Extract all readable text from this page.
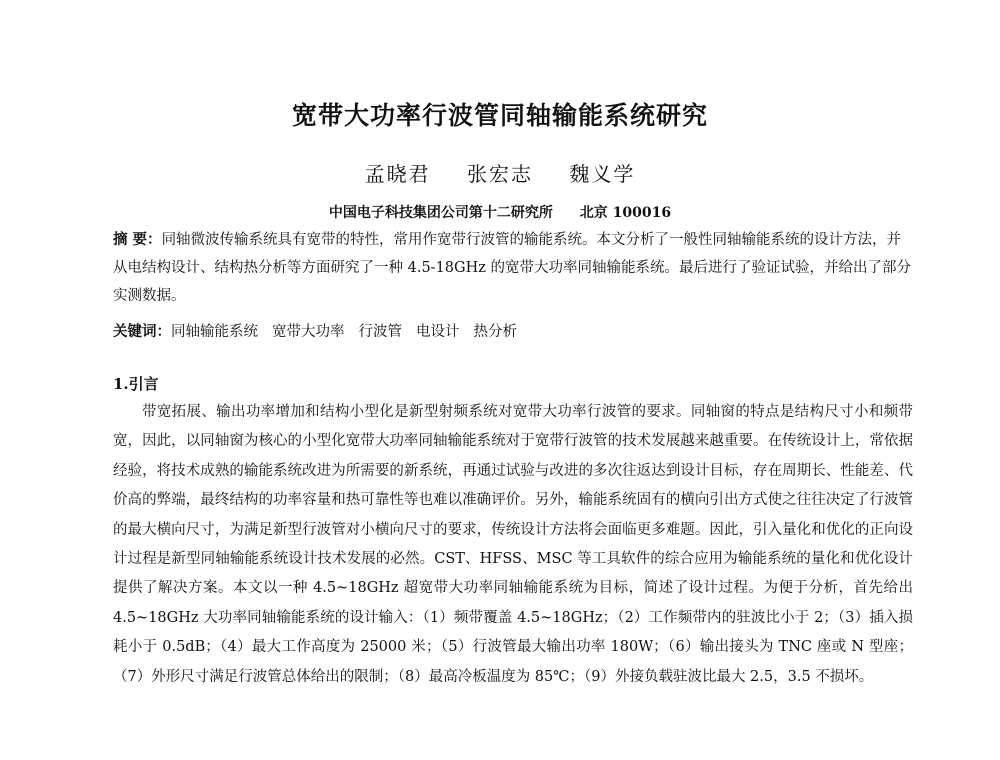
宽带大功率行波管同轴输能系统研究
孟晓君 张宏志 魏义学
中国电子科技集团公司第十二研究所 北京 100016
摘 要：同轴微波传输系统具有宽带的特性，常用作宽带行波管的输能系统。本文分析了一般性同轴输能系统的设计方法，并从电结构设计、结构热分析等方面研究了一种 4.5-18GHz 的宽带大功率同轴输能系统。最后进行了验证试验，并给出了部分实测数据。
关键词：同轴输能系统 宽带大功率 行波管 电设计 热分析
1.引言
带宽拓展、输出功率增加和结构小型化是新型射频系统对宽带大功率行波管的要求。同轴窗的特点是结构尺寸小和频带宽，因此，以同轴窗为核心的小型化宽带大功率同轴输能系统对于宽带行波管的技术发展越来越重要。在传统设计上，常依据经验，将技术成熟的输能系统改进为所需要的新系统，再通过试验与改进的多次往返达到设计目标，存在周期长、性能差、代价高的弊端，最终结构的功率容量和热可靠性等也难以准确评价。另外，输能系统固有的横向引出方式使之往往决定了行波管的最大横向尺寸，为满足新型行波管对小横向尺寸的要求，传统设计方法将会面临更多难题。因此，引入量化和优化的正向设计过程是新型同轴输能系统设计技术发展的必然。CST、HFSS、MSC 等工具软件的综合应用为输能系统的量化和优化设计提供了解决方案。本文以一种 4.5~18GHz 超宽带大功率同轴输能系统为目标，简述了设计过程。为便于分析，首先给出 4.5~18GHz 大功率同轴输能系统的设计输入：（1）频带覆盖 4.5~18GHz；（2）工作频带内的驻波比小于 2；（3）插入损耗小于 0.5dB；（4）最大工作高度为 25000 米；（5）行波管最大输出功率 180W；（6）输出接头为 TNC 座或 N 型座；（7）外形尺寸满足行波管总体给出的限制；（8）最高冷板温度为 85℃；（9）外接负载驻波比最大 2.5，3.5 不损坏。
